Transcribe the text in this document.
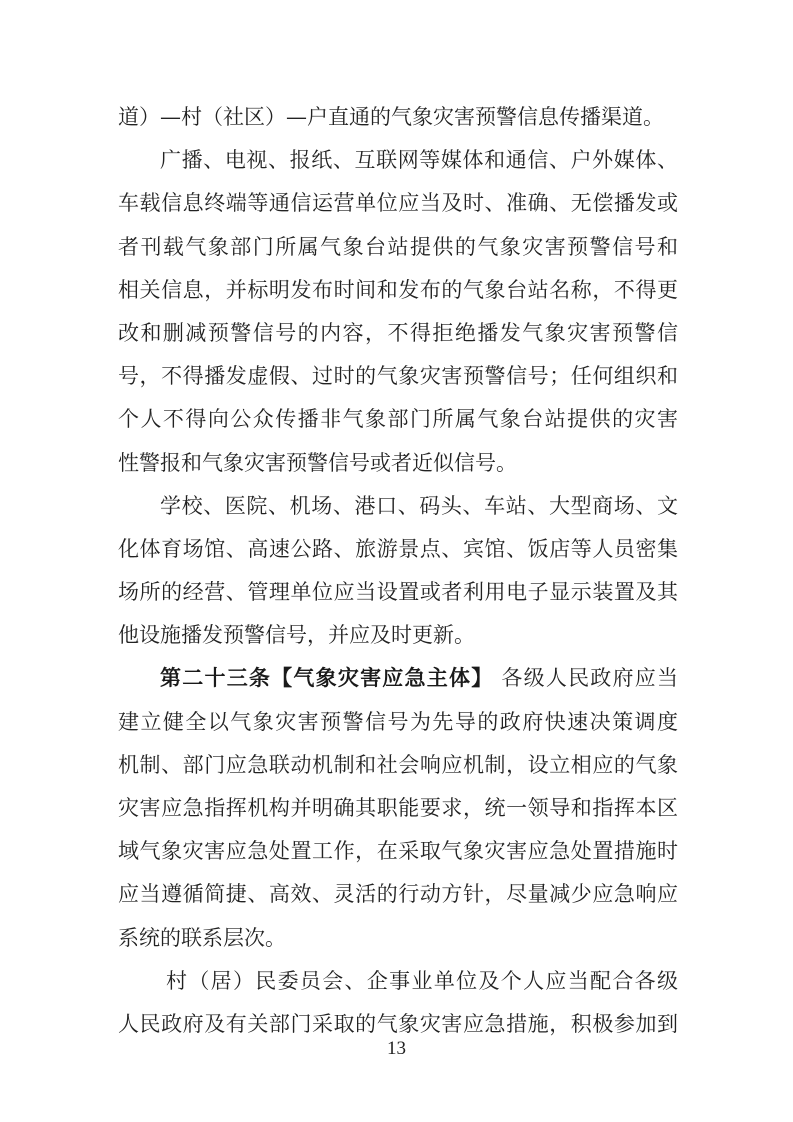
道）—村（社区）—户直通的气象灾害预警信息传播渠道。
广播、电视、报纸、互联网等媒体和通信、户外媒体、
车载信息终端等通信运营单位应当及时、准确、无偿播发或
者刊载气象部门所属气象台站提供的气象灾害预警信号和
相关信息，并标明发布时间和发布的气象台站名称，不得更
改和删减预警信号的内容，不得拒绝播发气象灾害预警信
号，不得播发虚假、过时的气象灾害预警信号；任何组织和
个人不得向公众传播非气象部门所属气象台站提供的灾害
性警报和气象灾害预警信号或者近似信号。
学校、医院、机场、港口、码头、车站、大型商场、文
化体育场馆、高速公路、旅游景点、宾馆、饭店等人员密集
场所的经营、管理单位应当设置或者利用电子显示装置及其
他设施播发预警信号，并应及时更新。
第二十三条【气象灾害应急主体】 各级人民政府应当
建立健全以气象灾害预警信号为先导的政府快速决策调度
机制、部门应急联动机制和社会响应机制，设立相应的气象
灾害应急指挥机构并明确其职能要求，统一领导和指挥本区
域气象灾害应急处置工作，在采取气象灾害应急处置措施时
应当遵循简捷、高效、灵活的行动方针，尽量减少应急响应
系统的联系层次。
村（居）民委员会、企事业单位及个人应当配合各级
人民政府及有关部门采取的气象灾害应急措施，积极参加到
13
